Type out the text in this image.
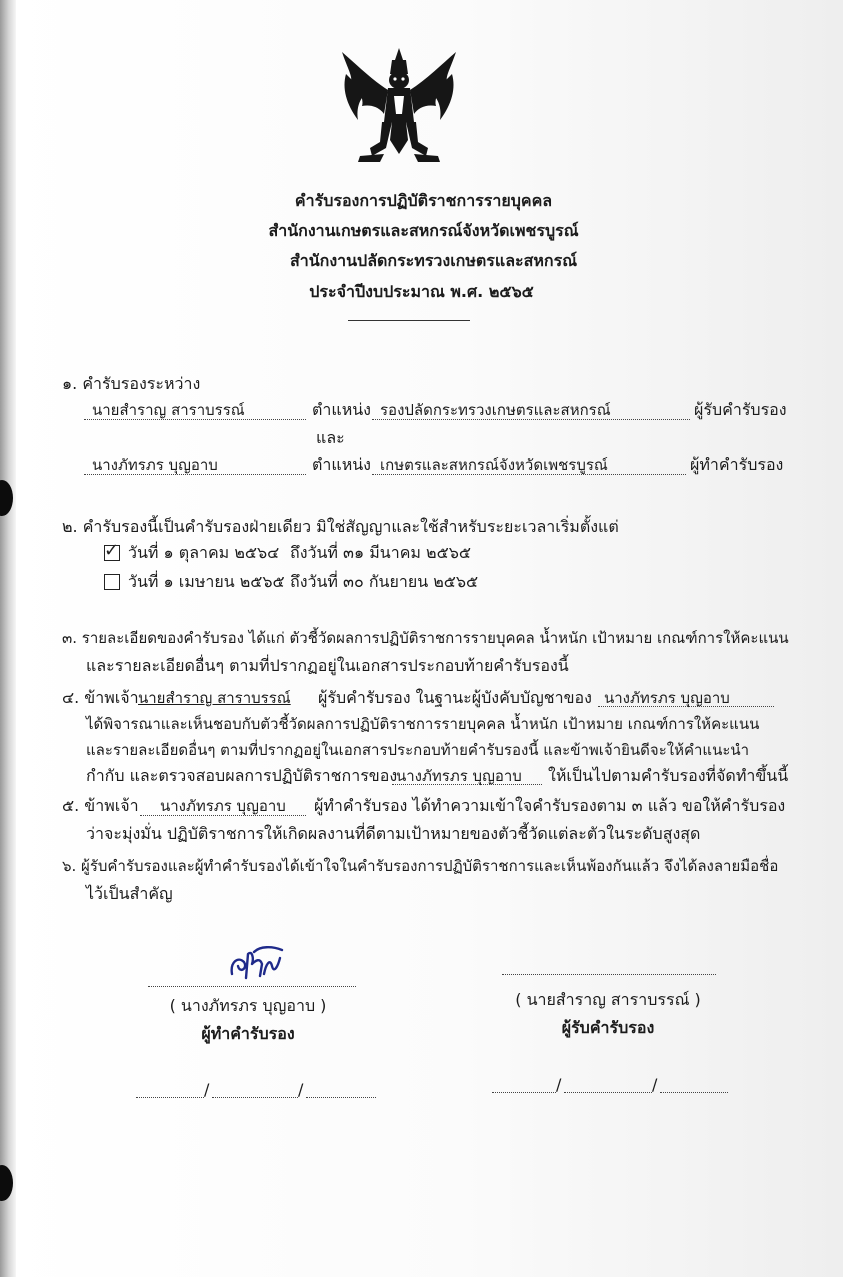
คำรับรองการปฏิบัติราชการรายบุคคล
สำนักงานเกษตรและสหกรณ์จังหวัดเพชรบูรณ์
สำนักงานปลัดกระทรวงเกษตรและสหกรณ์
ประจำปีงบประมาณ พ.ศ. ๒๕๖๕
๑. คำรับรองระหว่าง
นายสำราญ สาราบรรณ์	ตำแหน่ง รองปลัดกระทรวงเกษตรและสหกรณ์	ผู้รับคำรับรอง
และ
นางภัทรภร บุญอาบ	ตำแหน่ง เกษตรและสหกรณ์จังหวัดเพชรบูรณ์	ผู้ทำคำรับรอง
๒. คำรับรองนี้เป็นคำรับรองฝ่ายเดียว มิใช่สัญญาและใช้สำหรับระยะเวลาเริ่มตั้งแต่
✓ วันที่ ๑ ตุลาคม ๒๕๖๔ ถึงวันที่ ๓๑ มีนาคม ๒๕๖๕
วันที่ ๑ เมษายน ๒๕๖๕ ถึงวันที่ ๓๐ กันยายน ๒๕๖๕
๓. รายละเอียดของคำรับรอง ได้แก่ ตัวชี้วัดผลการปฏิบัติราชการรายบุคคล น้ำหนัก เป้าหมาย เกณฑ์การให้คะแนน
และรายละเอียดอื่นๆ ตามที่ปรากฏอยู่ในเอกสารประกอบท้ายคำรับรองนี้
๔. ข้าพเจ้า นายสำราญ สาราบรรณ์ ผู้รับคำรับรอง ในฐานะผู้บังคับบัญชาของ นางภัทรภร บุญอาบ
ได้พิจารณาและเห็นชอบกับตัวชี้วัดผลการปฏิบัติราชการรายบุคคล น้ำหนัก เป้าหมาย เกณฑ์การให้คะแนน
และรายละเอียดอื่นๆ ตามที่ปรากฏอยู่ในเอกสารประกอบท้ายคำรับรองนี้ และข้าพเจ้ายินดีจะให้คำแนะนำ
กำกับ และตรวจสอบผลการปฏิบัติราชการของ
นางภัทรภร บุญอาบ ให้เป็นไปตามคำรับรองที่จัดทำขึ้นนี้
๕. ข้าพเจ้า นางภัทรภร บุญอาบ ผู้ทำคำรับรอง ได้ทำความเข้าใจคำรับรองตาม ๓ แล้ว ขอให้คำรับรอง
ว่าจะมุ่งมั่น ปฏิบัติราชการให้เกิดผลงานที่ดีตามเป้าหมายของตัวชี้วัดแต่ละตัวในระดับสูงสุด
๖. ผู้รับคำรับรองและผู้ทำคำรับรองได้เข้าใจในคำรับรองการปฏิบัติราชการและเห็นพ้องกันแล้ว จึงได้ลงลายมือชื่อ
ไว้เป็นสำคัญ
( นางภัทรภร บุญอาบ )
ผู้ทำคำรับรอง
/	/
( นายสำราญ สาราบรรณ์ )
ผู้รับคำรับรอง
/	/
